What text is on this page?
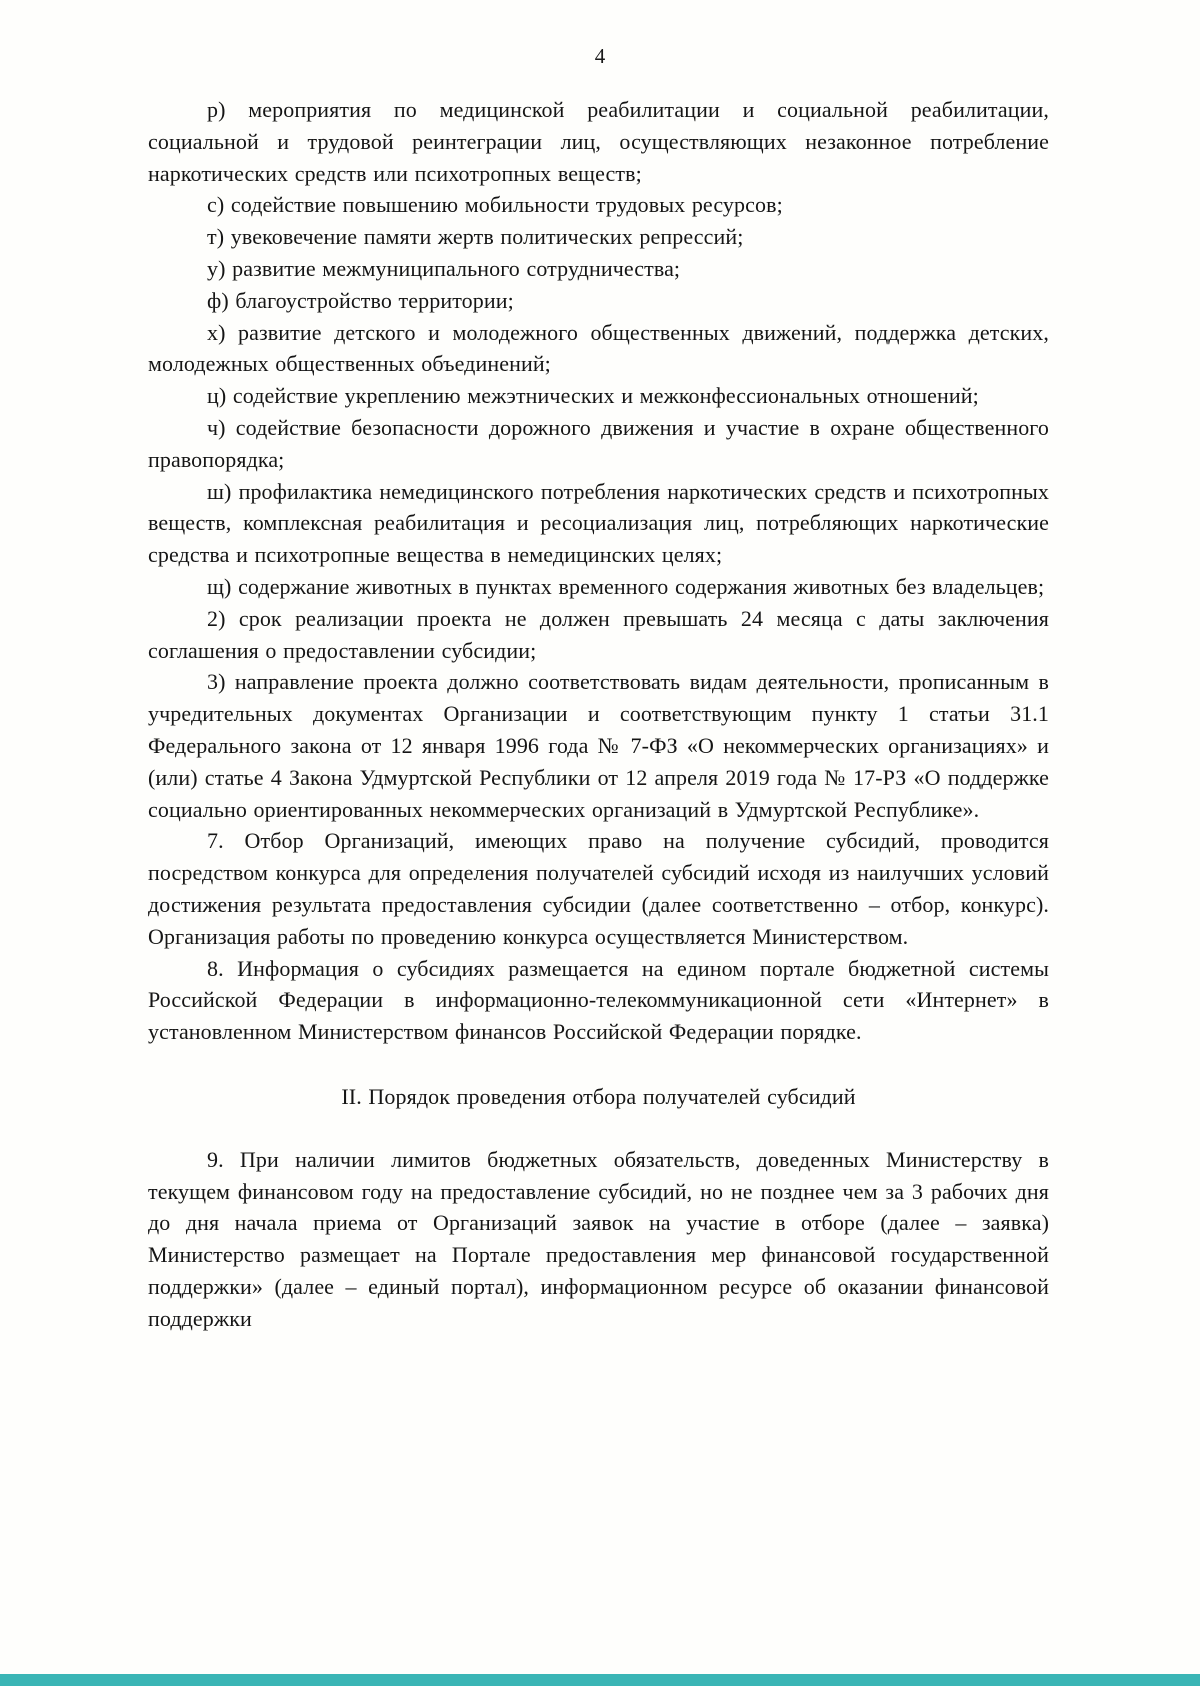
4

р) мероприятия по медицинской реабилитации и социальной реабилитации, социальной и трудовой реинтеграции лиц, осуществляющих незаконное потребление наркотических средств или психотропных веществ;

с) содействие повышению мобильности трудовых ресурсов;

т) увековечение памяти жертв политических репрессий;

у) развитие межмуниципального сотрудничества;

ф) благоустройство территории;

х) развитие детского и молодежного общественных движений, поддержка детских, молодежных общественных объединений;

ц) содействие укреплению межэтнических и межконфессиональных отношений;

ч) содействие безопасности дорожного движения и участие в охране общественного правопорядка;

ш) профилактика немедицинского потребления наркотических средств и психотропных веществ, комплексная реабилитация и ресоциализация лиц, потребляющих наркотические средства и психотропные вещества в немедицинских целях;

щ) содержание животных в пунктах временного содержания животных без владельцев;

2) срок реализации проекта не должен превышать 24 месяца с даты заключения соглашения о предоставлении субсидии;

3) направление проекта должно соответствовать видам деятельности, прописанным в учредительных документах Организации и соответствующим пункту 1 статьи 31.1 Федерального закона от 12 января 1996 года № 7-ФЗ «О некоммерческих организациях» и (или) статье 4 Закона Удмуртской Республики от 12 апреля 2019 года № 17-РЗ «О поддержке социально ориентированных некоммерческих организаций в Удмуртской Республике».

7. Отбор Организаций, имеющих право на получение субсидий, проводится посредством конкурса для определения получателей субсидий исходя из наилучших условий достижения результата предоставления субсидии (далее соответственно – отбор, конкурс). Организация работы по проведению конкурса осуществляется Министерством.

8. Информация о субсидиях размещается на едином портале бюджетной системы Российской Федерации в информационно-телекоммуникационной сети «Интернет» в установленном Министерством финансов Российской Федерации порядке.

II. Порядок проведения отбора получателей субсидий

9. При наличии лимитов бюджетных обязательств, доведенных Министерству в текущем финансовом году на предоставление субсидий, но не позднее чем за 3 рабочих дня до дня начала приема от Организаций заявок на участие в отборе (далее – заявка) Министерство размещает на Портале предоставления мер финансовой государственной поддержки» (далее – единый портал), информационном ресурсе об оказании финансовой поддержки
